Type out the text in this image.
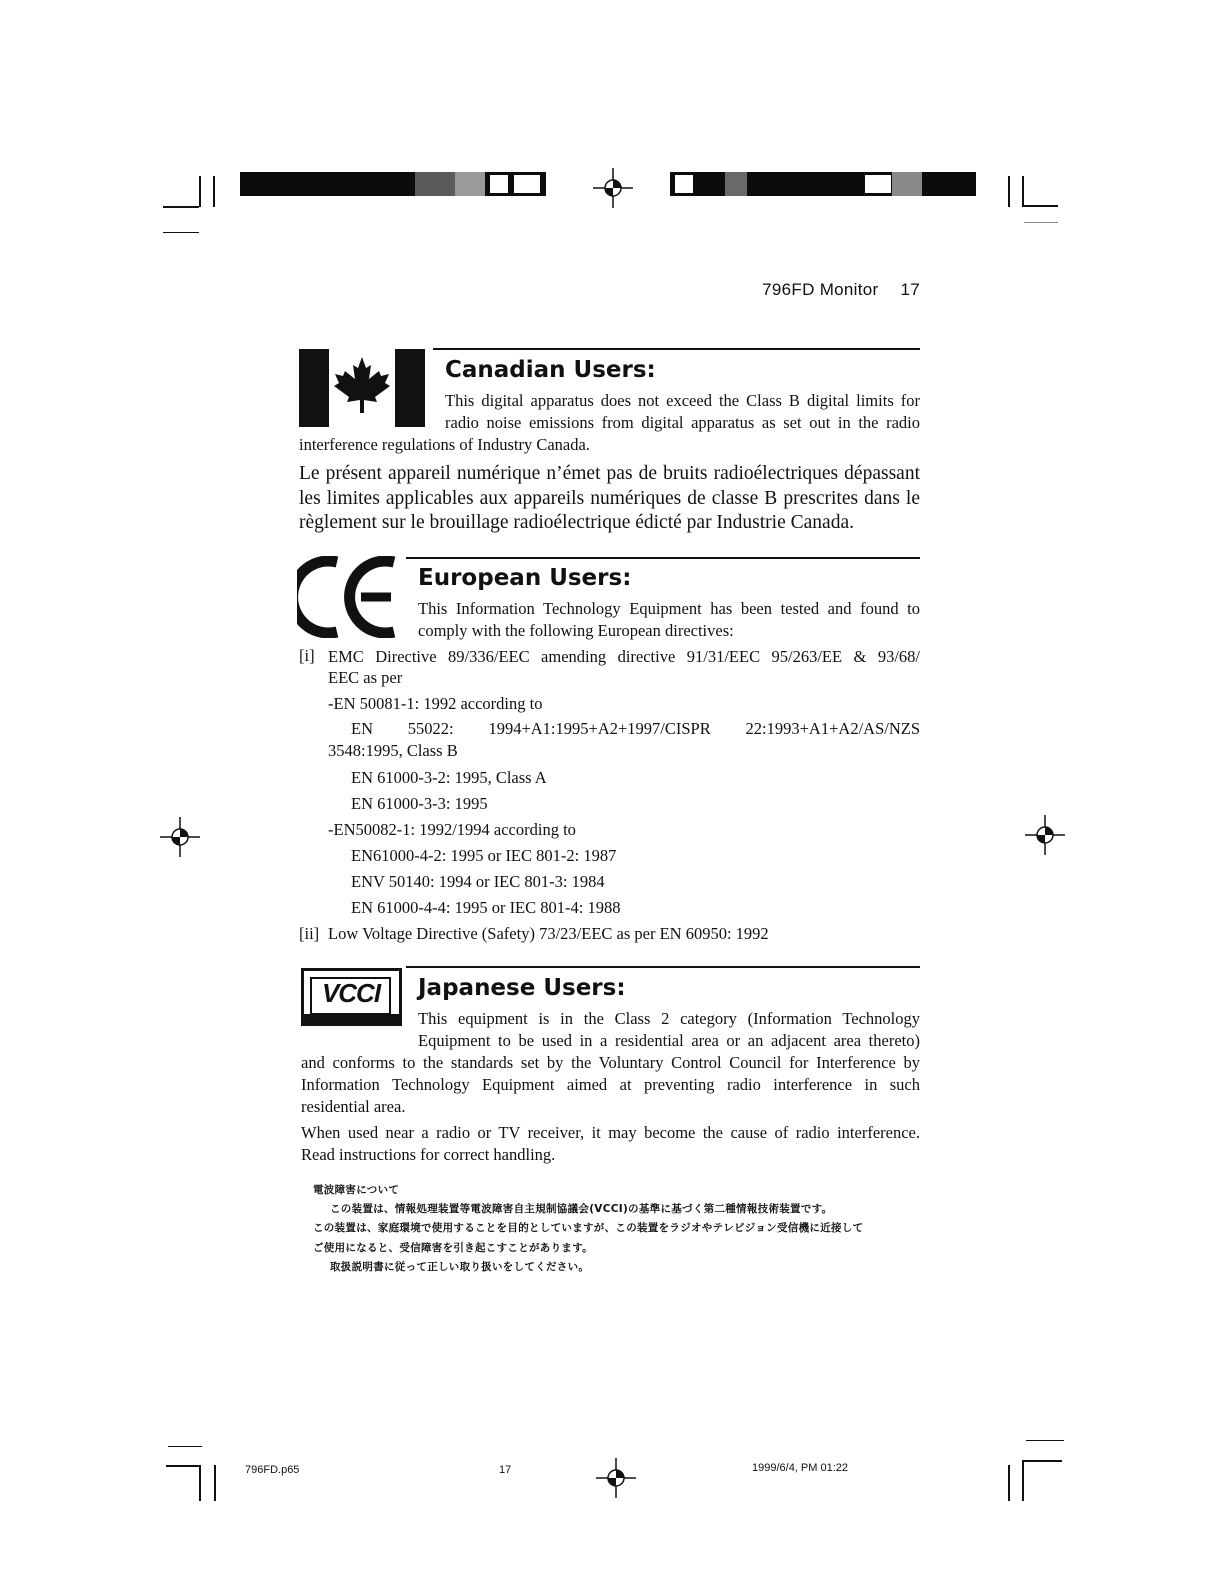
796FD Monitor 17
Canadian Users:
This digital apparatus does not exceed the Class B digital limits for
radio noise emissions from digital apparatus as set out in the radio
interference regulations of Industry Canada.
Le présent appareil numérique n’émet pas de bruits radioélectriques dépassant
les limites applicables aux appareils numériques de classe B prescrites dans le
règlement sur le brouillage radioélectrique édicté par Industrie Canada.
European Users:
This Information Technology Equipment has been tested and found to
comply with the following European directives:
[i] EMC Directive 89/336/EEC amending directive 91/31/EEC 95/263/EE & 93/68/
EEC as per
-EN 50081-1: 1992 according to
EN 55022: 1994+A1:1995+A2+1997/CISPR 22:1993+A1+A2/AS/NZS
3548:1995, Class B
EN 61000-3-2: 1995, Class A
EN 61000-3-3: 1995
-EN50082-1: 1992/1994 according to
EN61000-4-2: 1995 or IEC 801-2: 1987
ENV 50140: 1994 or IEC 801-3: 1984
EN 61000-4-4: 1995 or IEC 801-4: 1988
[ii] Low Voltage Directive (Safety) 73/23/EEC as per EN 60950: 1992
VCCI	Japanese Users:
This equipment is in the Class 2 category (Information Technology
Equipment to be used in a residential area or an adjacent area thereto)
and conforms to the standards set by the Voluntary Control Council for Interference by
Information Technology Equipment aimed at preventing radio interference in such
residential area.
When used near a radio or TV receiver, it may become the cause of radio interference.
Read instructions for correct handling.
電波障害について
この装置は、情報処理装置等電波障害自主規制協議会(VCCI)の基準に基づく第二種情報技術装置です。
この装置は、家庭環境で使用することを目的としていますが、この装置をラジオやテレビジョン受信機に近接して
ご使用になると、受信障害を引き起こすことがあります。
取扱説明書に従って正しい取り扱いをしてください。
796FD.p65	17	1999/6/4, PM 01:22
